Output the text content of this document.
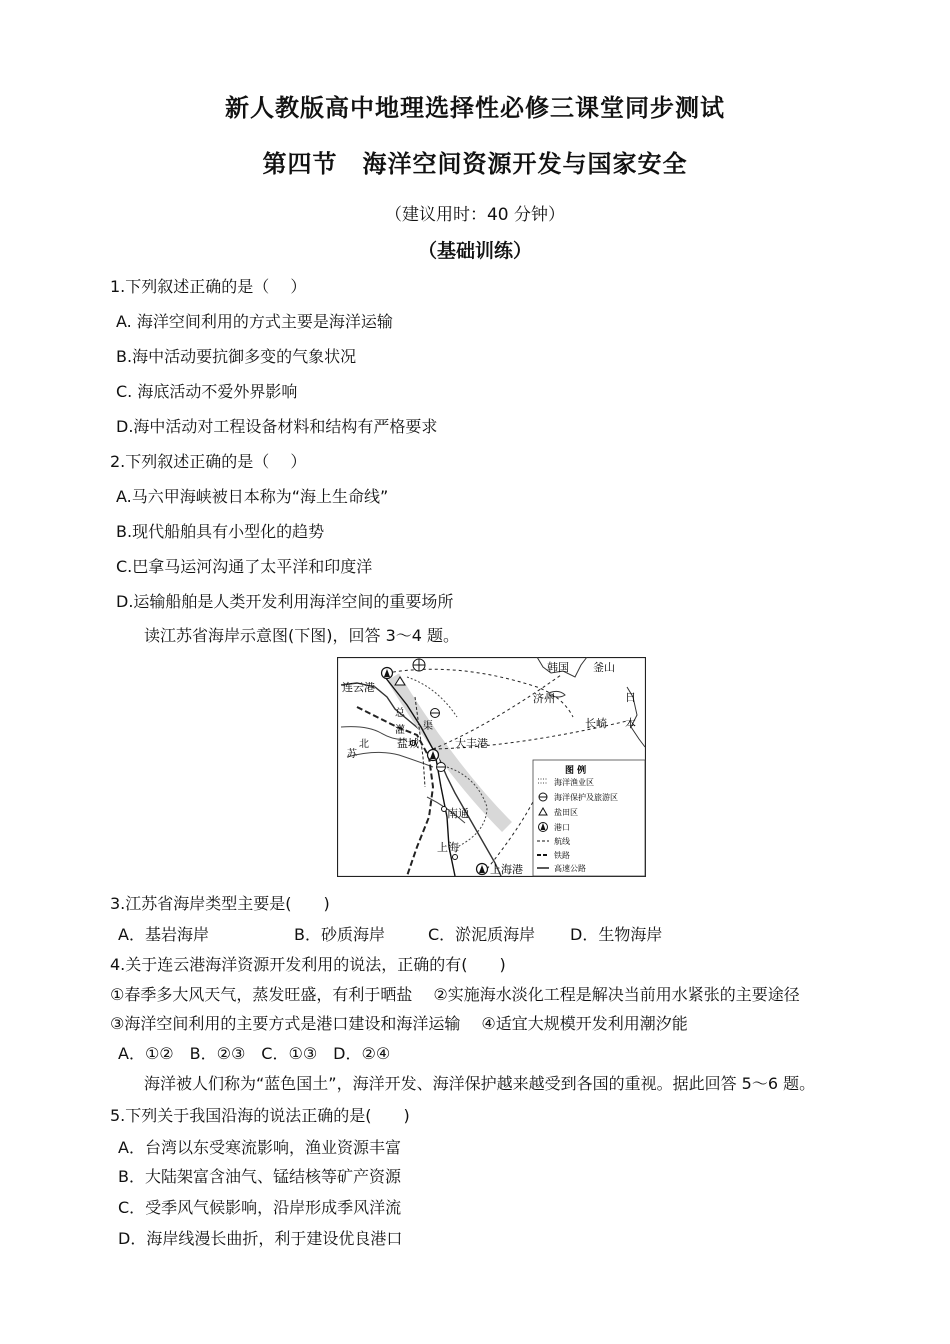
新人教版高中地理选择性必修三课堂同步测试
第四节　海洋空间资源开发与国家安全
（建议用时：40 分钟）
（基础训练）
1.下列叙述正确的是（　 ）
A. 海洋空间利用的方式主要是海洋运输
B.海中活动要抗御多变的气象状况
C. 海底活动不爱外界影响
D.海中活动对工程设备材料和结构有严格要求
2.下列叙述正确的是（　 ）
A.马六甲海峡被日本称为“海上生命线”
B.现代船舶具有小型化的趋势
C.巴拿马运河沟通了太平洋和印度洋
D.运输船舶是人类开发利用海洋空间的重要场所
读江苏省海岸示意图(下图)，回答 3～4 题。
连云港
北
苏
灌
总
渠
盐城	大丰港
南通
上海
上海港
韩国 釜山
济州	日
长崎 本
图 例
海洋渔业区
海洋保护及旅游区
盐田区
港口
航线
铁路
高速公路
3.江苏省海岸类型主要是(　　)
A．基岩海岸	B．砂质海岸	C．淤泥质海岸 D．生物海岸
4.关于连云港海洋资源开发利用的说法，正确的有(　　)
①春季多大风天气，蒸发旺盛，有利于晒盐　 ②实施海水淡化工程是解决当前用水紧张的主要途径
③海洋空间利用的主要方式是港口建设和海洋运输　 ④适宜大规模开发利用潮汐能
A．①②　B．②③　C．①③　D．②④
海洋被人们称为“蓝色国土”，海洋开发、海洋保护越来越受到各国的重视。据此回答 5～6 题。
5.下列关于我国沿海的说法正确的是(　　)
A．台湾以东受寒流影响，渔业资源丰富
B．大陆架富含油气、锰结核等矿产资源
C．受季风气候影响，沿岸形成季风洋流
D．海岸线漫长曲折，利于建设优良港口
